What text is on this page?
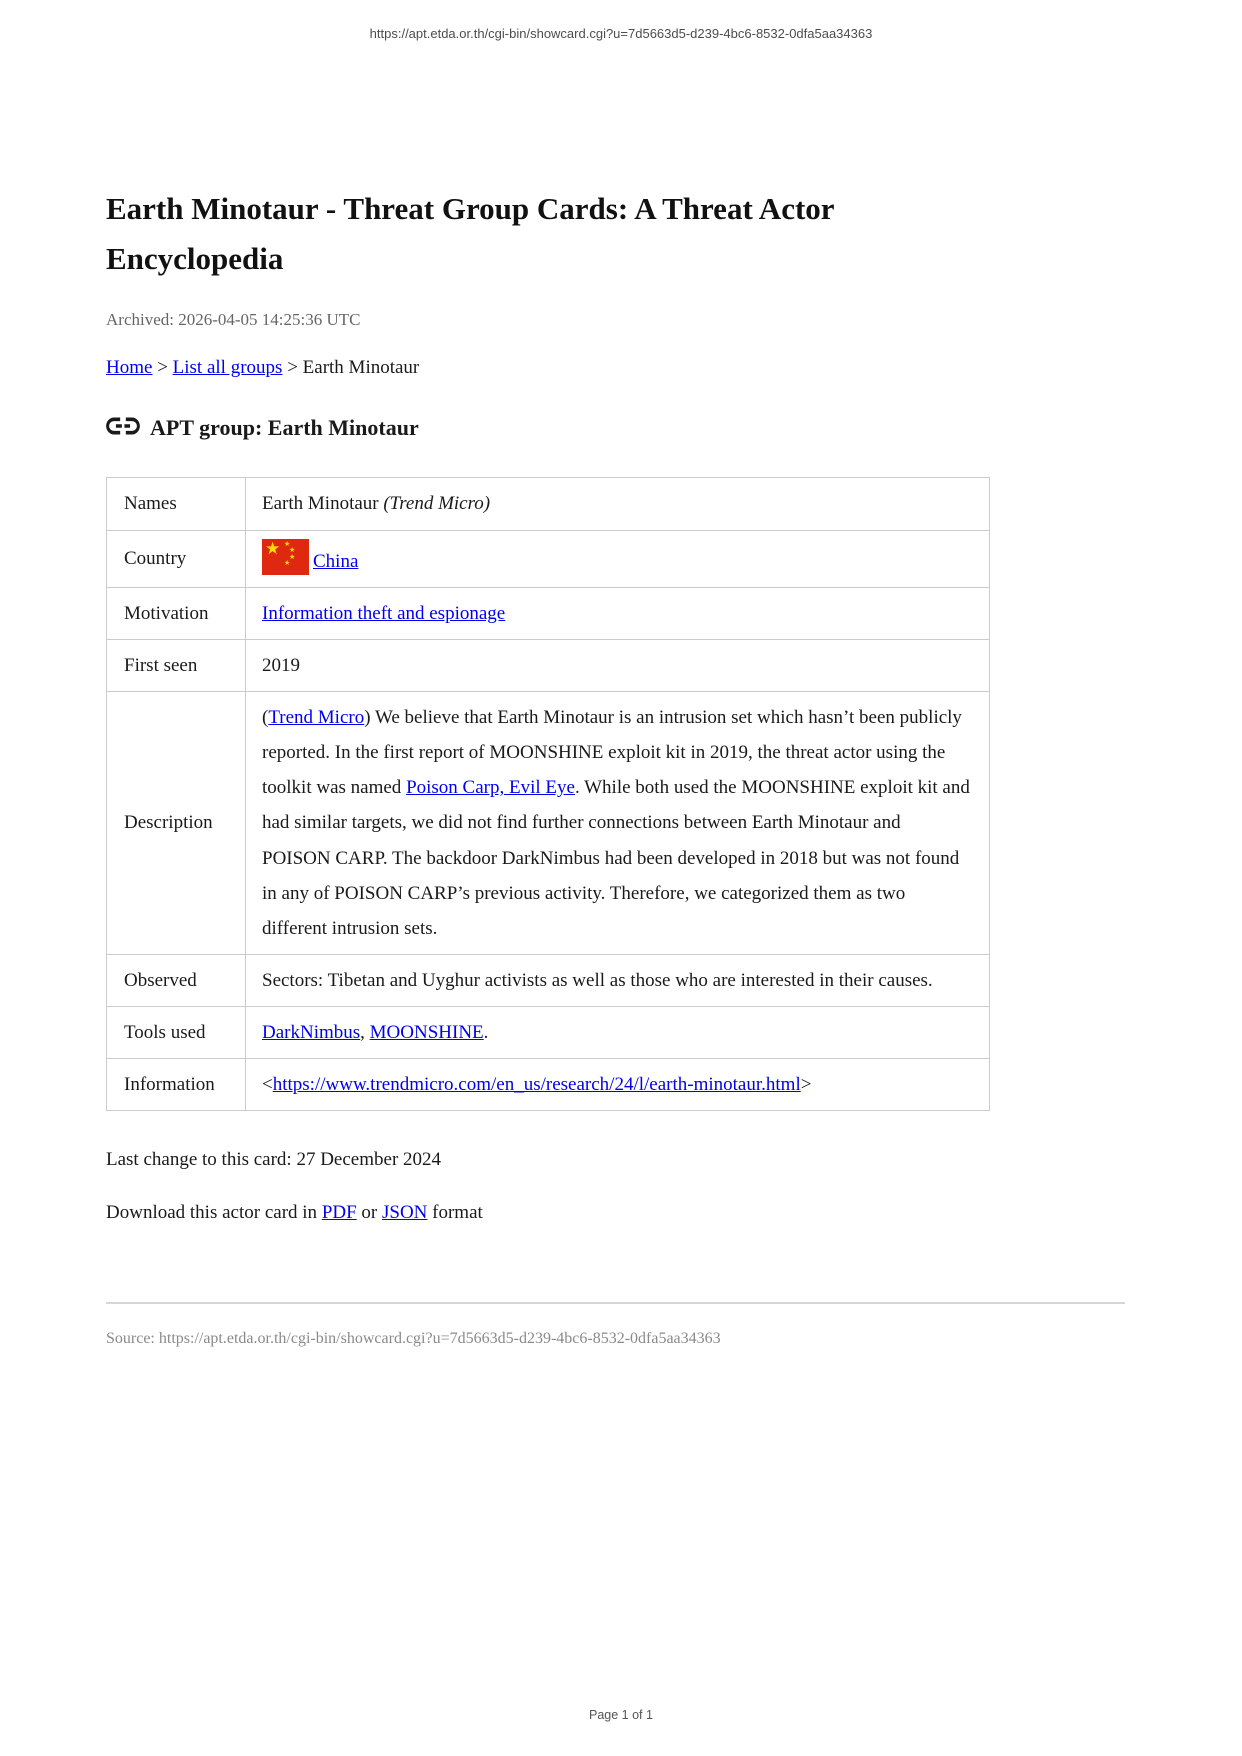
https://apt.etda.or.th/cgi-bin/showcard.cgi?u=7d5663d5-d239-4bc6-8532-0dfa5aa34363
Earth Minotaur - Threat Group Cards: A Threat Actor Encyclopedia
Archived: 2026-04-05 14:25:36 UTC
Home > List all groups > Earth Minotaur
APT group: Earth Minotaur
Names	Earth Minotaur (Trend Micro)
Country	★ ★
★
★
★ China
Motivation	Information theft and espionage
First seen	2019
Description	(Trend Micro) We believe that Earth Minotaur is an intrusion set which hasn’t been publicly reported. In the first report of MOONSHINE exploit kit in 2019, the threat actor using the toolkit was named Poison Carp, Evil Eye. While both used the MOONSHINE exploit kit and had similar targets, we did not find further connections between Earth Minotaur and POISON CARP. The backdoor DarkNimbus had been developed in 2018 but was not found in any of POISON CARP’s previous activity. Therefore, we categorized them as two different intrusion sets.
Observed	Sectors: Tibetan and Uyghur activists as well as those who are interested in their causes.
Tools used	DarkNimbus, MOONSHINE.
Information	<https://www.trendmicro.com/en_us/research/24/l/earth-minotaur.html>
Last change to this card: 27 December 2024
Download this actor card in PDF or JSON format
Source: https://apt.etda.or.th/cgi-bin/showcard.cgi?u=7d5663d5-d239-4bc6-8532-0dfa5aa34363
Page 1 of 1
